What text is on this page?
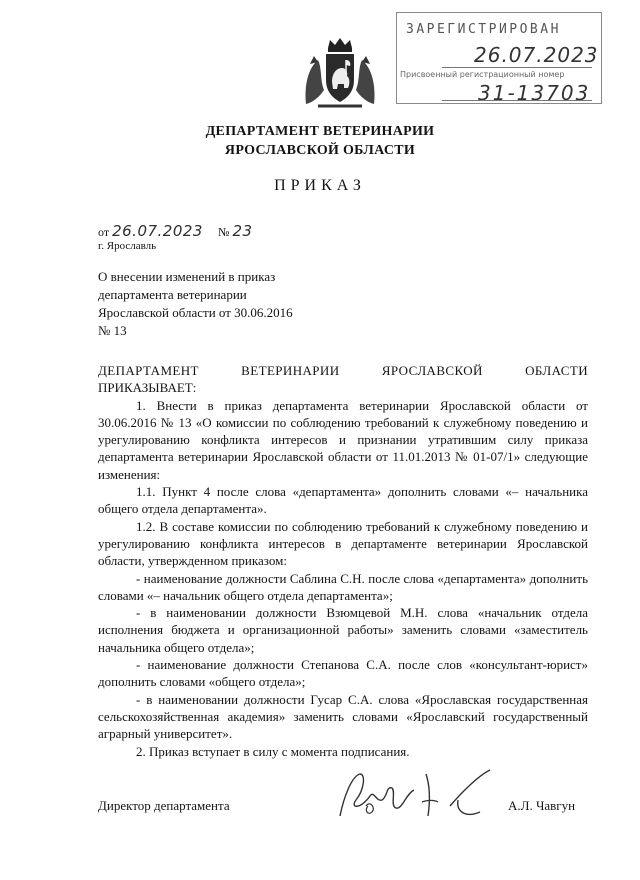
ЗАРЕГИСТРИРОВАН
26.07.2023
Присвоенный регистрационный номер
31-13703
ДЕПАРТАМЕНТ ВЕТЕРИНАРИИ
ЯРОСЛАВСКОЙ ОБЛАСТИ
ПРИКАЗ
от 26.07.2023 № 23
г. Ярославль
О внесении изменений в приказ
департамента ветеринарии
Ярославской области от 30.06.2016
№ 13
ДЕПАРТАМЕНТ ВЕТЕРИНАРИИ ЯРОСЛАВСКОЙ ОБЛАСТИ
ПРИКАЗЫВАЕТ:
1. Внести в приказ департамента ветеринарии Ярославской области от 30.06.2016 № 13 «О комиссии по соблюдению требований к служебному поведению и урегулированию конфликта интересов и признании утратившим силу приказа департамента ветеринарии Ярославской области от 11.01.2013 № 01-07/1» следующие изменения:
1.1. Пункт 4 после слова «департамента» дополнить словами «– начальника общего отдела департамента».
1.2. В составе комиссии по соблюдению требований к служебному поведению и урегулированию конфликта интересов в департаменте ветеринарии Ярославской области, утвержденном приказом:
- наименование должности Саблина С.Н. после слова «департамента» дополнить словами «– начальник общего отдела департамента»;
- в наименовании должности Взюмцевой М.Н. слова «начальник отдела исполнения бюджета и организационной работы» заменить словами «заместитель начальника общего отдела»;
- наименование должности Степанова С.А. после слов «консультант-юрист» дополнить словами «общего отдела»;
- в наименовании должности Гусар С.А. слова «Ярославская государственная сельскохозяйственная академия» заменить словами «Ярославский государственный аграрный университет».
2. Приказ вступает в силу с момента подписания.
Директор департамента	А.Л. Чавгун
